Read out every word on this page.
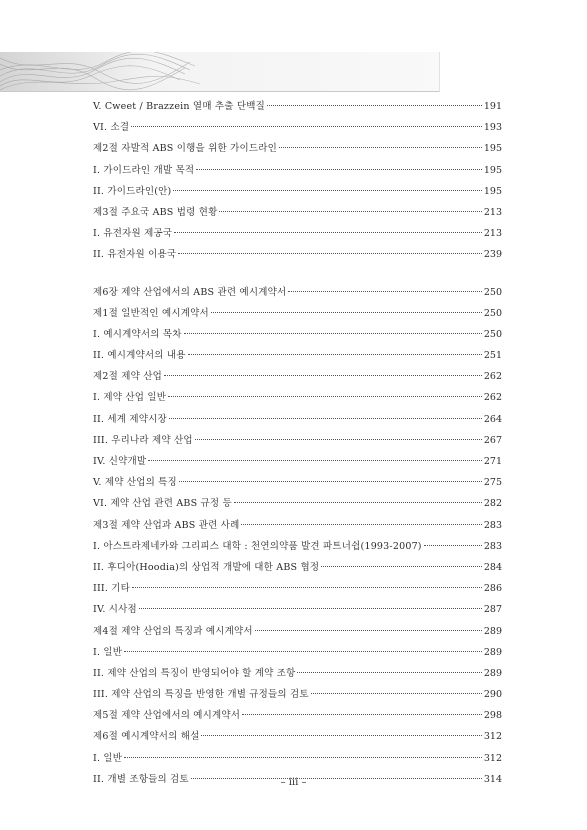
V. Cweet / Brazzein 열매 추출 단백질	191
VI. 소결	193
제2절 자발적 ABS 이행을 위한 가이드라인	195
I. 가이드라인 개발 목적	195
II. 가이드라인(안)	195
제3절 주요국 ABS 법령 현황	213
I. 유전자원 제공국	213
II. 유전자원 이용국	239
제6장 제약 산업에서의 ABS 관련 예시계약서	250
제1절 일반적인 예시계약서	250
I. 예시계약서의 목차	250
II. 예시계약서의 내용	251
제2절 제약 산업	262
I. 제약 산업 일반	262
II. 세계 제약시장	264
III. 우리나라 제약 산업	267
IV. 신약개발	271
V. 제약 산업의 특징	275
VI. 제약 산업 관련 ABS 규정 등	282
제3절 제약 산업과 ABS 관련 사례	283
I. 아스트라제네카와 그리피스 대학 : 천연의약품 발견 파트너쉽(1993-2007)	283
II. 후디아(Hoodia)의 상업적 개발에 대한 ABS 협정	284
III. 기타	286
IV. 시사점	287
제4절 제약 산업의 특징과 예시계약서	289
I. 일반	289
II. 제약 산업의 특징이 반영되어야 할 계약 조항	289
III. 제약 산업의 특징을 반영한 개별 규정들의 검토	290
제5절 제약 산업에서의 예시계약서	298
제6절 예시계약서의 해설	312
I. 일반	312
II. 개별 조항들의 검토	314
– iii –
